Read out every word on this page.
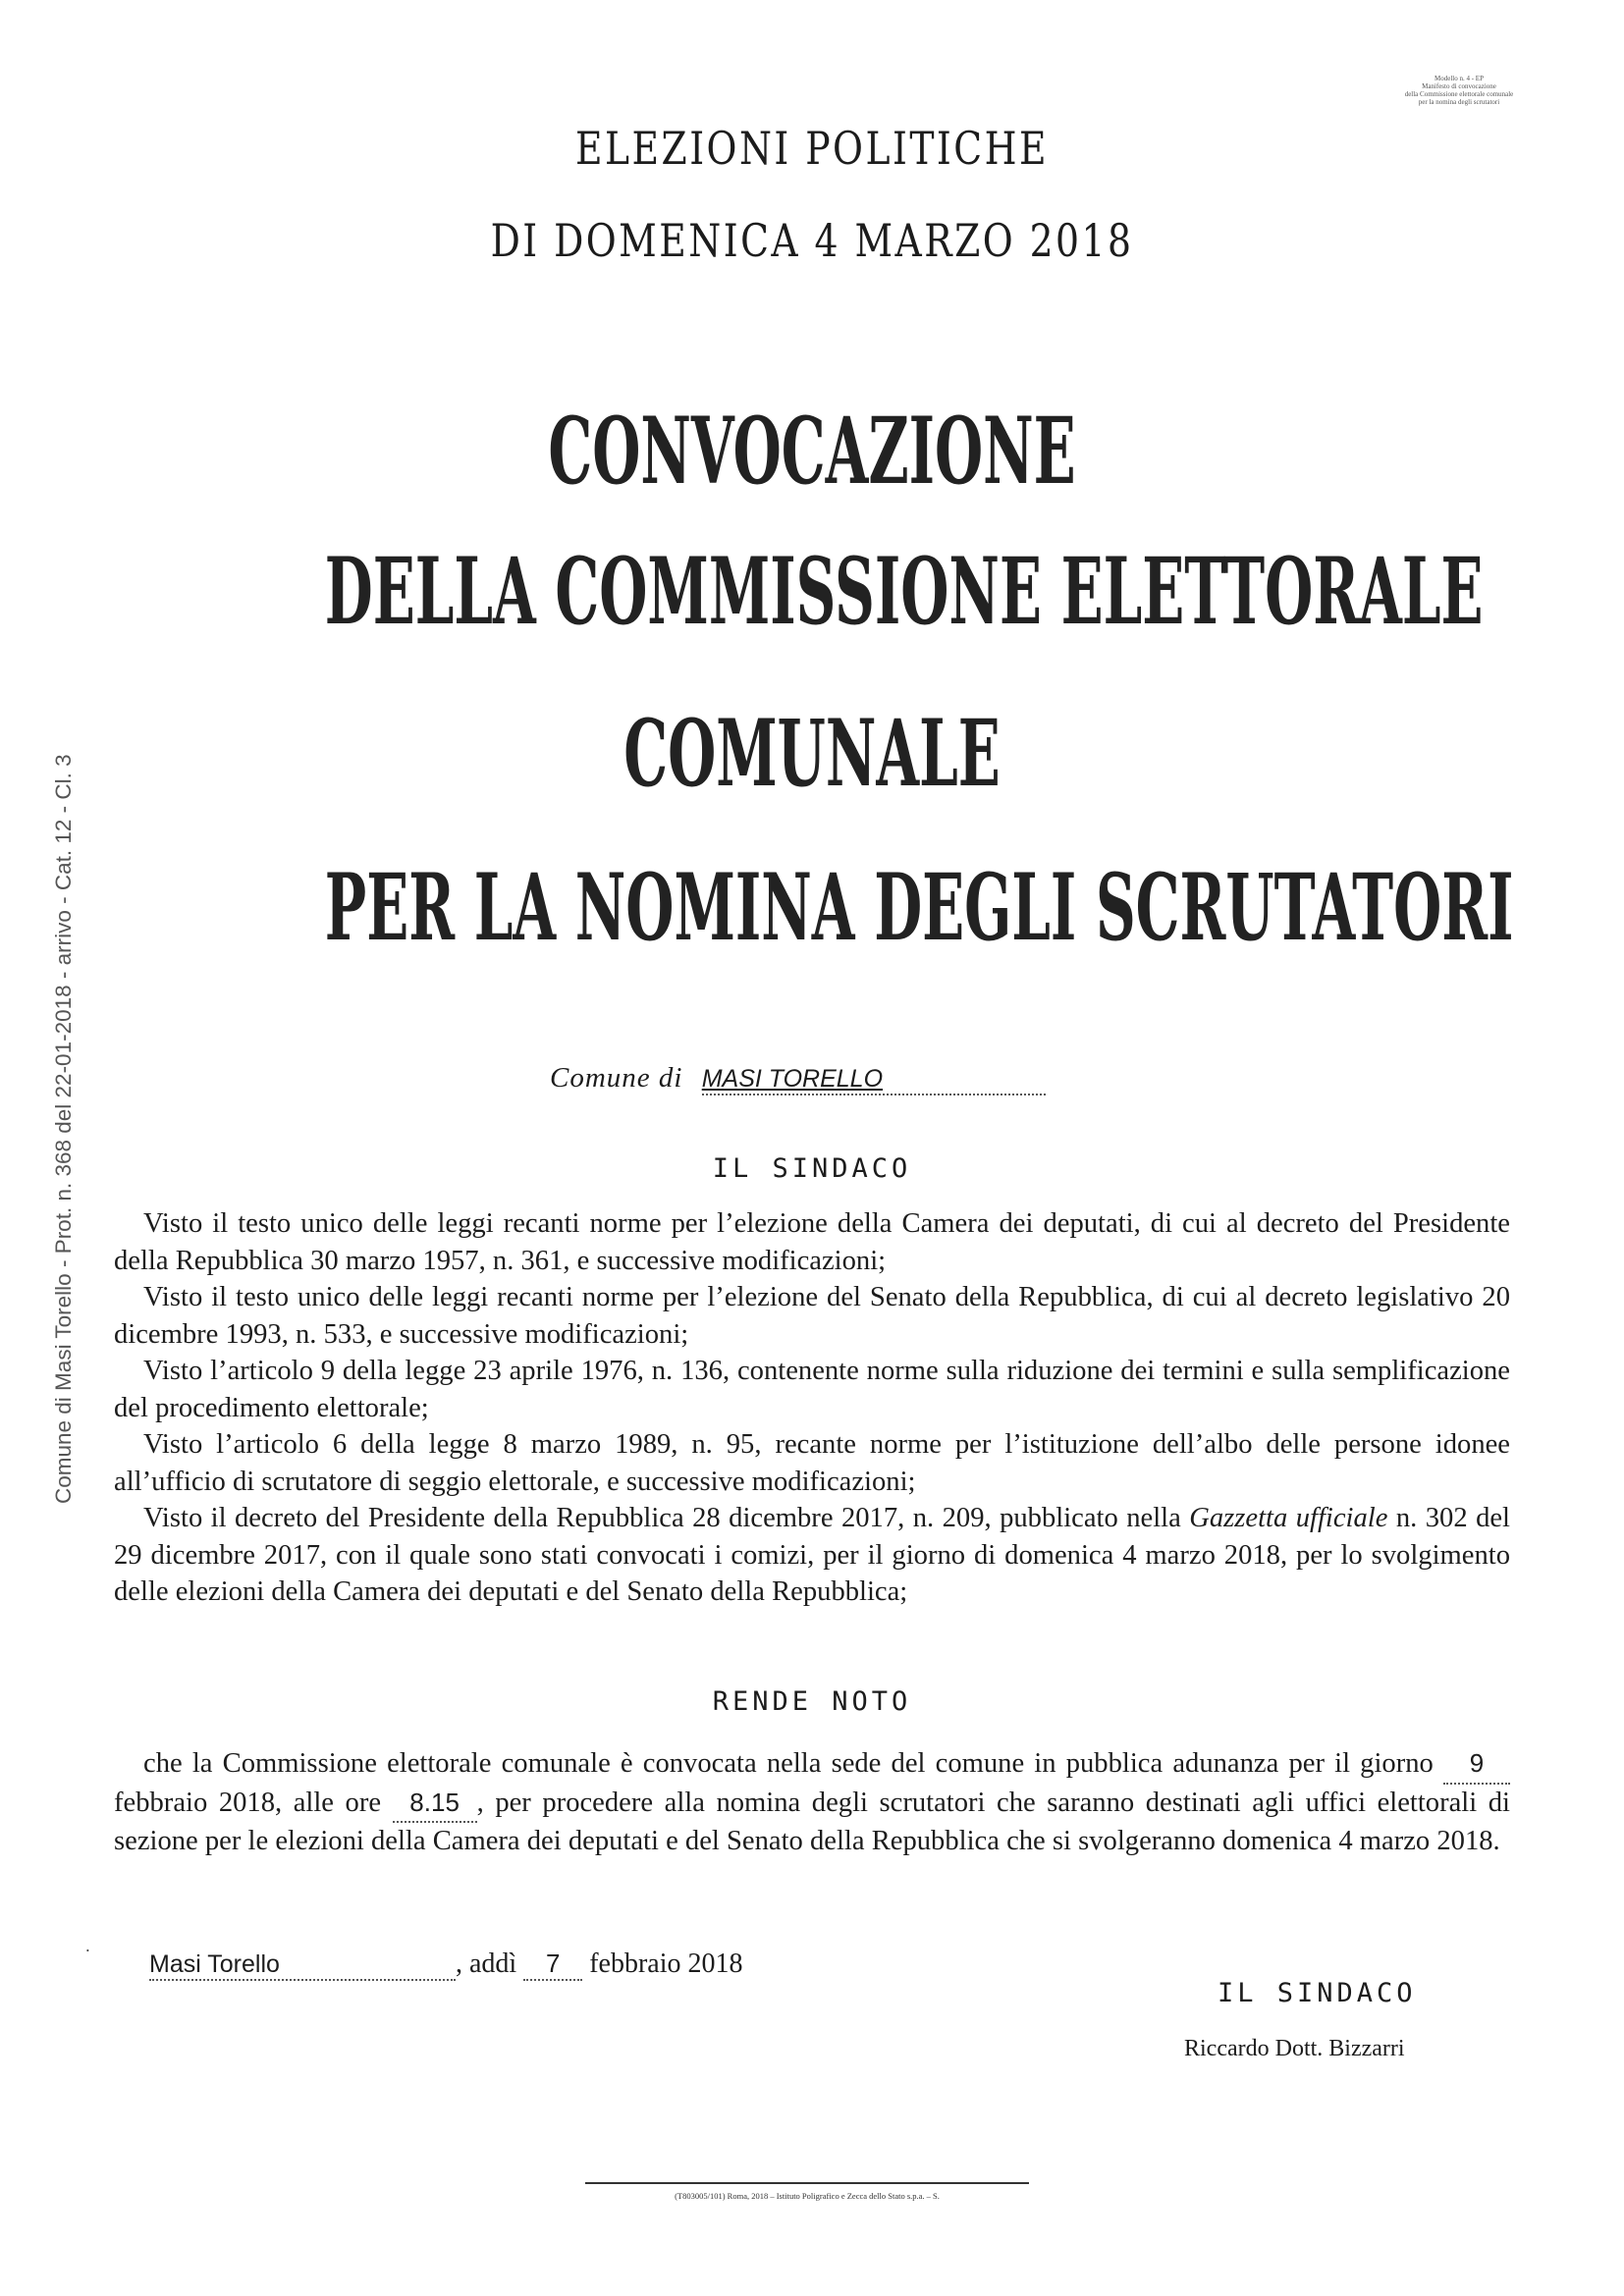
Modello n. 4 - EP
Manifesto di convocazione
della Commissione elettorale comunale
per la nomina degli scrutatori
Comune di Masi Torello - Prot. n. 368 del 22-01-2018 - arrivo - Cat. 12 - Cl. 3
ELEZIONI POLITICHE
DI DOMENICA 4 MARZO 2018
CONVOCAZIONE
DELLA COMMISSIONE ELETTORALE
COMUNALE
PER LA NOMINA DEGLI SCRUTATORI
Comune di MASI TORELLO
IL SINDACO

Visto il testo unico delle leggi recanti norme per l’elezione della Camera dei deputati, di cui al decreto del Presidente della Repubblica 30 marzo 1957, n. 361, e successive modificazioni;

Visto il testo unico delle leggi recanti norme per l’elezione del Senato della Repubblica, di cui al decreto legislativo 20 dicembre 1993, n. 533, e successive modificazioni;

Visto l’articolo 9 della legge 23 aprile 1976, n. 136, contenente norme sulla riduzione dei termini e sulla semplificazione del procedimento elettorale;

Visto l’articolo 6 della legge 8 marzo 1989, n. 95, recante norme per l’istituzione dell’albo delle persone idonee all’ufficio di scrutatore di seggio elettorale, e successive modificazioni;

Visto il decreto del Presidente della Repubblica 28 dicembre 2017, n. 209, pubblicato nella Gazzetta ufficiale n. 302 del 29 dicembre 2017, con il quale sono stati convocati i comizi, per il giorno di domenica 4 marzo 2018, per lo svolgimento delle elezioni della Camera dei deputati e del Senato della Repubblica;

RENDE NOTO

che la Commissione elettorale comunale è convocata nella sede del comune in pubblica adunanza per il giorno 9 febbraio 2018, alle ore 8.15 , per procedere alla nomina degli scrutatori che saranno destinati agli uffici elettorali di sezione per le elezioni della Camera dei deputati e del Senato della Repubblica che si svolgeranno domenica 4 marzo 2018.

˙ Masi Torello	, addì 7 febbraio 2018
IL SINDACO
Riccardo Dott. Bizzarri
(T803005/101) Roma, 2018 – Istituto Poligrafico e Zecca dello Stato s.p.a. – S.
